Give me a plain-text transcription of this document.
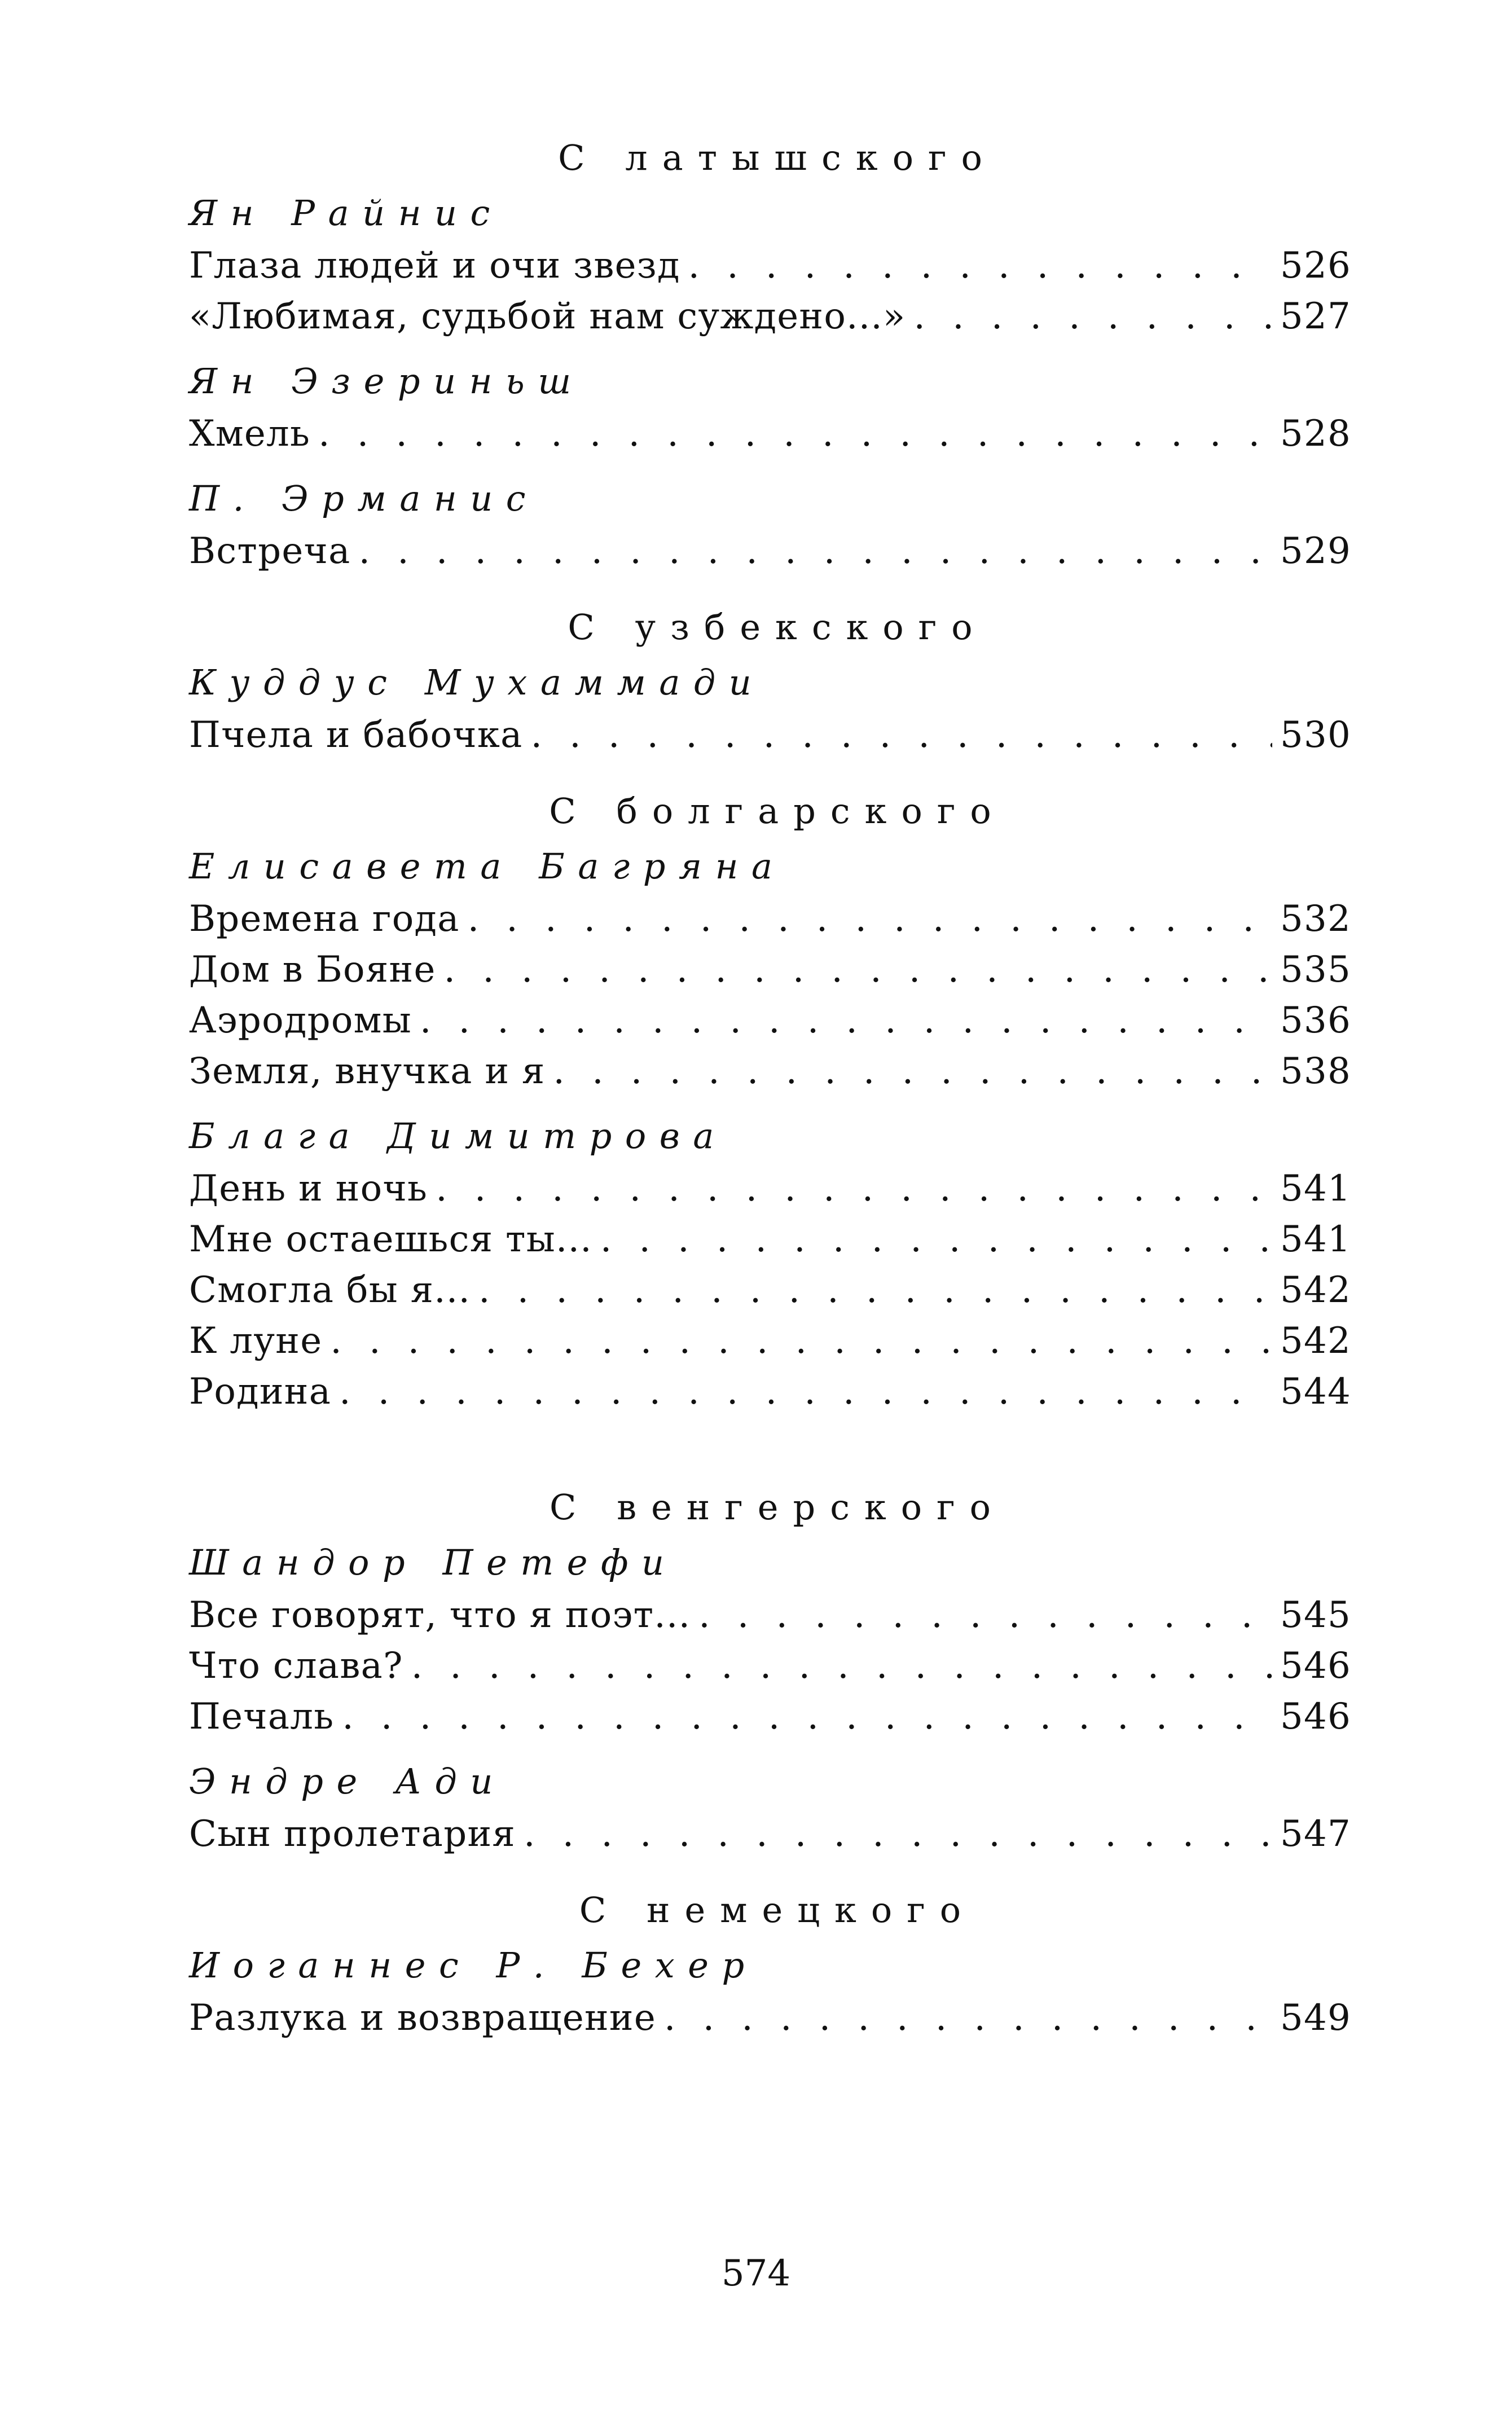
С латышского
Ян Райнис
Глаза людей и очи звезд . . .	526
«Любимая, судьбой нам суждено...» . . .	527
Ян Эзериньш
Хмель . . .	528
П. Эрманис
Встреча . . .	529
С узбекского
Куддус Мухаммади
Пчела и бабочка . . .	530
С болгарского
Елисавета Багряна
Времена года . . .	532
Дом в Бояне . . .	535
Аэродромы . . .	536
Земля, внучка и я . . .	538
Блага Димитрова
День и ночь . . .	541
Мне остаешься ты... . . .	541
Смогла бы я... . . .	542
К луне . . .	542
Родина . . .	544
С венгерского
Шандор Петефи
Все говорят, что я поэт... . . .	545
Что слава? . . .	546
Печаль . . .	546
Эндре Ади
Сын пролетария . . .	547
С немецкого
Иоганнес Р. Бехер
Разлука и возвращение . . .	549
574
